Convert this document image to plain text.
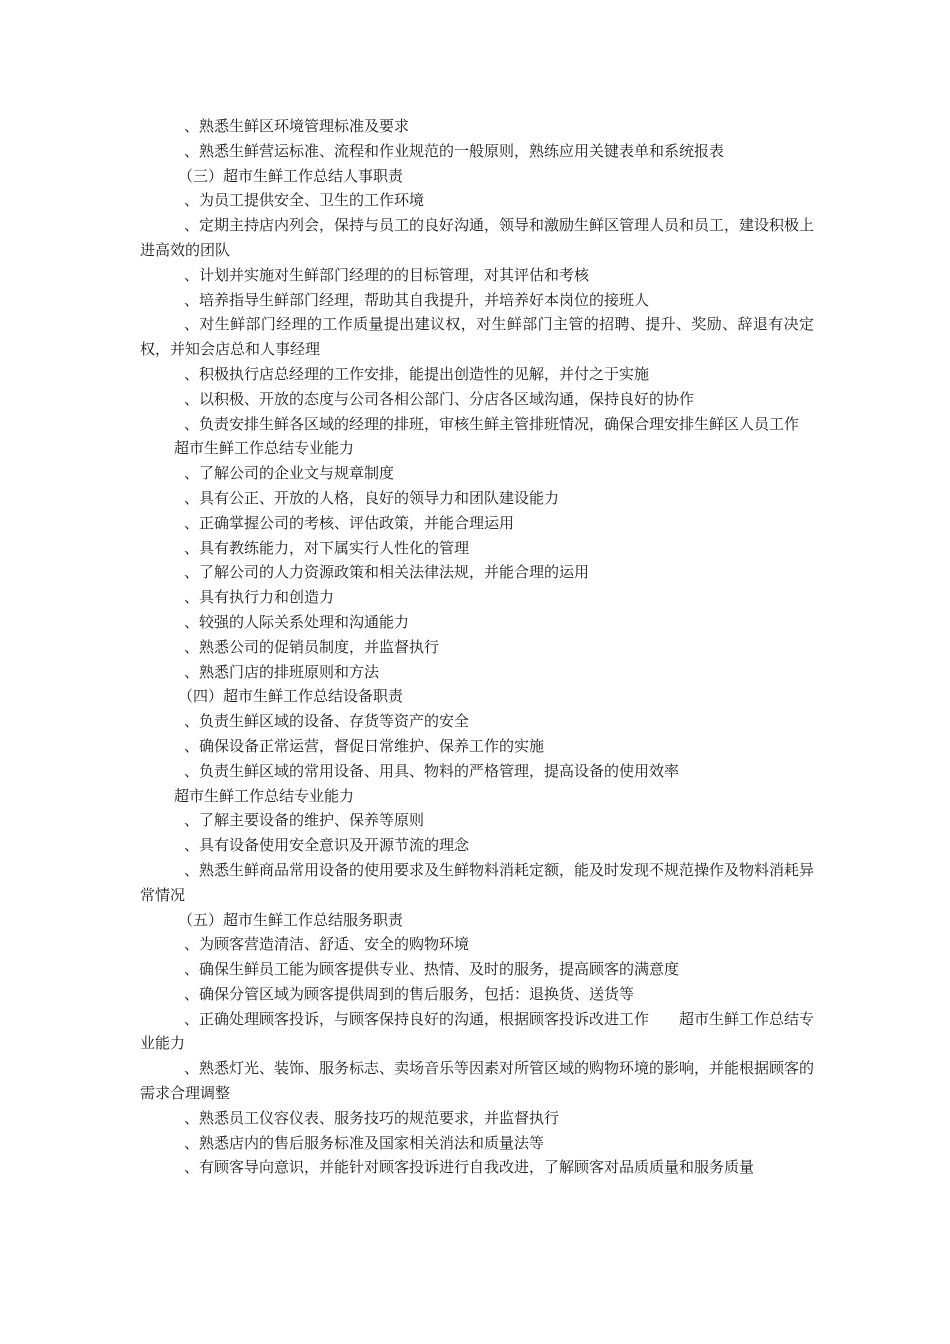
、熟悉生鲜区环境管理标准及要求

、熟悉生鲜营运标准、流程和作业规范的一般原则，熟练应用关键表单和系统报表

（三）超市生鲜工作总结人事职责

、为员工提供安全、卫生的工作环境

、定期主持店内列会，保持与员工的良好沟通，领导和激励生鲜区管理人员和员工，建设积极上进高效的团队

、计划并实施对生鲜部门经理的的目标管理，对其评估和考核

、培养指导生鲜部门经理，帮助其自我提升，并培养好本岗位的接班人

、对生鲜部门经理的工作质量提出建议权，对生鲜部门主管的招聘、提升、奖励、辞退有决定权，并知会店总和人事经理

、积极执行店总经理的工作安排，能提出创造性的见解，并付之于实施

、以积极、开放的态度与公司各相公部门、分店各区域沟通，保持良好的协作

、负责安排生鲜各区域的经理的排班，审核生鲜主管排班情况，确保合理安排生鲜区人员工作

超市生鲜工作总结专业能力

、了解公司的企业文与规章制度

、具有公正、开放的人格，良好的领导力和团队建设能力

、正确掌握公司的考核、评估政策，并能合理运用

、具有教练能力，对下属实行人性化的管理

、了解公司的人力资源政策和相关法律法规，并能合理的运用

、具有执行力和创造力

、较强的人际关系处理和沟通能力

、熟悉公司的促销员制度，并监督执行

、熟悉门店的排班原则和方法

（四）超市生鲜工作总结设备职责

、负责生鲜区域的设备、存货等资产的安全

、确保设备正常运营，督促日常维护、保养工作的实施

、负责生鲜区域的常用设备、用具、物料的严格管理，提高设备的使用效率

超市生鲜工作总结专业能力

、了解主要设备的维护、保养等原则

、具有设备使用安全意识及开源节流的理念

、熟悉生鲜商品常用设备的使用要求及生鲜物料消耗定额，能及时发现不规范操作及物料消耗异常情况

（五）超市生鲜工作总结服务职责

、为顾客营造清洁、舒适、安全的购物环境

、确保生鲜员工能为顾客提供专业、热情、及时的服务，提高顾客的满意度

、确保分管区域为顾客提供周到的售后服务，包括：退换货、送货等

、正确处理顾客投诉，与顾客保持良好的沟通，根据顾客投诉改进工作　　超市生鲜工作总结专业能力

、熟悉灯光、装饰、服务标志、卖场音乐等因素对所管区域的购物环境的影响，并能根据顾客的需求合理调整

、熟悉员工仪容仪表、服务技巧的规范要求，并监督执行

、熟悉店内的售后服务标准及国家相关消法和质量法等

、有顾客导向意识，并能针对顾客投诉进行自我改进，了解顾客对品质质量和服务质量
